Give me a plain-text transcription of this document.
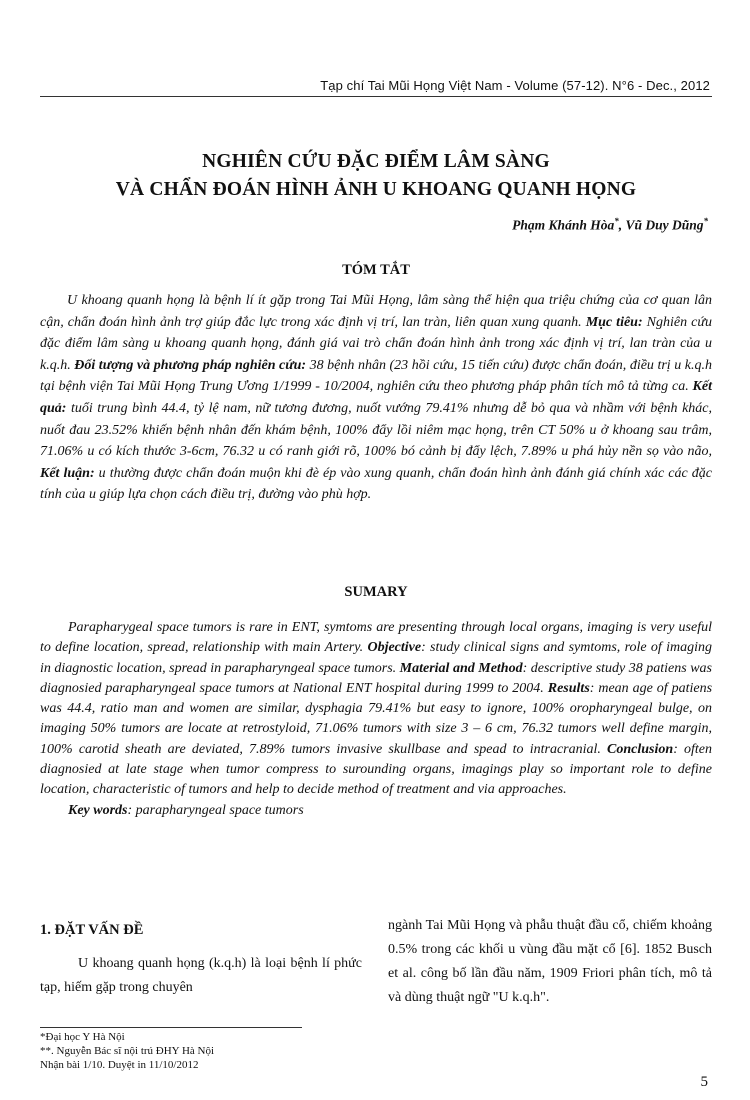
Tạp chí Tai Mũi Họng Việt Nam - Volume (57-12). N°6 - Dec., 2012
NGHIÊN CỨU ĐẶC ĐIỂM LÂM SÀNG
VÀ CHẨN ĐOÁN HÌNH ẢNH U KHOANG QUANH HỌNG
Phạm Khánh Hòa*, Vũ Duy Dũng*
TÓM TẮT
U khoang quanh họng là bệnh lí ít gặp trong Tai Mũi Họng, lâm sàng thể hiện qua triệu chứng của cơ quan lân cận, chẩn đoán hình ảnh trợ giúp đắc lực trong xác định vị trí, lan tràn, liên quan xung quanh. Mục tiêu: Nghiên cứu đặc điểm lâm sàng u khoang quanh họng, đánh giá vai trò chẩn đoán hình ảnh trong xác định vị trí, lan tràn của u k.q.h. Đối tượng và phương pháp nghiên cứu: 38 bệnh nhân (23 hồi cứu, 15 tiến cứu) được chẩn đoán, điều trị u k.q.h tại bệnh viện Tai Mũi Họng Trung Ương 1/1999 - 10/2004, nghiên cứu theo phương pháp phân tích mô tả từng ca. Kết quả: tuổi trung bình 44.4, tỷ lệ nam, nữ tương đương, nuốt vướng 79.41% nhưng dễ bỏ qua và nhầm với bệnh khác, nuốt đau 23.52% khiến bệnh nhân đến khám bệnh, 100% đẩy lồi niêm mạc họng, trên CT 50% u ở khoang sau trâm, 71.06% u có kích thước 3-6cm, 76.32 u có ranh giới rõ, 100% bó cảnh bị đẩy lệch, 7.89% u phá hủy nền sọ vào não, Kết luận: u thường được chẩn đoán muộn khi đè ép vào xung quanh, chẩn đoán hình ảnh đánh giá chính xác các đặc tính của u giúp lựa chọn cách điều trị, đường vào phù hợp.
SUMARY
Parapharygeal space tumors is rare in ENT, symtoms are presenting through local organs, imaging is very useful to define location, spread, relationship with main Artery. Objective: study clinical signs and symtoms, role of imaging in diagnostic location, spread in parapharyngeal space tumors. Material and Method: descriptive study 38 patiens was diagnosied parapharyngeal space tumors at National ENT hospital during 1999 to 2004. Results: mean age of patiens was 44.4, ratio man and women are similar, dysphagia 79.41% but easy to ignore, 100% oropharyngeal bulge, on imaging 50% tumors are locate at retrostyloid, 71.06% tumors with size 3 – 6 cm, 76.32 tumors well define margin, 100% carotid sheath are deviated, 7.89% tumors invasive skullbase and spead to intracranial. Conclusion: often diagnosied at late stage when tumor compress to surounding organs, imagings play so important role to define location, characteristic of tumors and help to decide method of treatment and via approaches.
Key words: parapharyngeal space tumors
1. ĐẶT VẤN ĐỀ
U khoang quanh họng (k.q.h) là loại bệnh lí phức tạp, hiếm gặp trong chuyên
ngành Tai Mũi Họng và phẫu thuật đầu cổ, chiếm khoảng 0.5% trong các khối u vùng đầu mặt cổ [6]. 1852 Busch et al. công bố lần đầu năm, 1909 Friori phân tích, mô tả và dùng thuật ngữ "U k.q.h".
*Đại học Y Hà Nội
**. Nguyễn Bác sĩ nội trú ĐHY Hà Nội
Nhận bài 1/10. Duyệt in 11/10/2012
5
